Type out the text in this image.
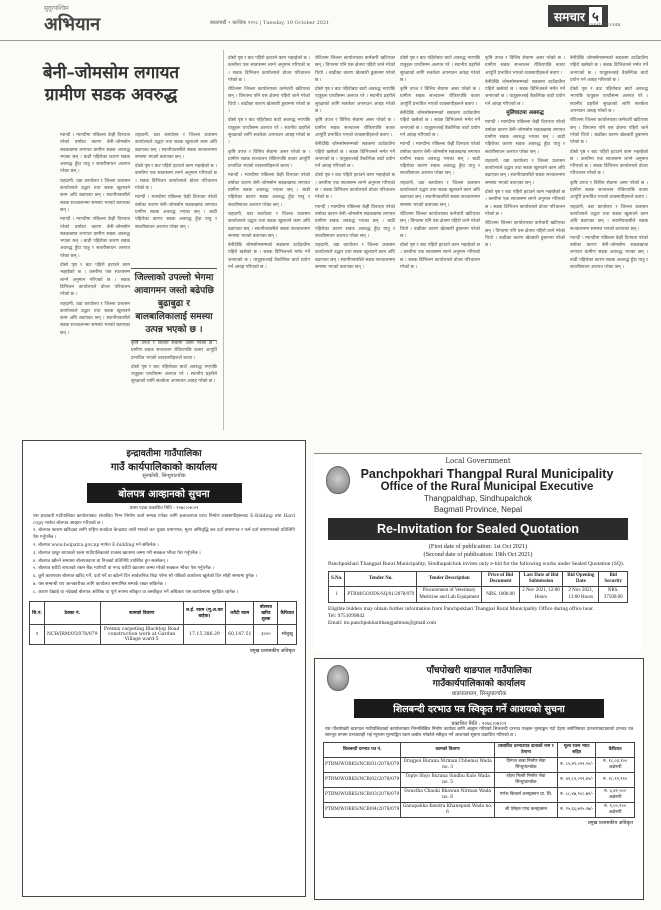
सुदूरपश्चिम
अभियान	काठमाडौं • कात्तिक १२०८ | Tuesday, 19 October 2021	समचार ५
www.abhiyandaily.com
बेनी–जोमसोम लगायत ग्रामीण सडक अवरुद्ध

म्याग्दी । म्याग्दीमा पछिल्ला केही दिनयता परेको वर्षाका कारण बेनी–जोमसोम सडकखण्ड लगायत ग्रामीण सडक अवरुद्ध भएका छन् । बाढी पहिरोका कारण सडक अवरुद्ध हुँदा यात्रु र सवारीसाधन अलपत्र परेका छन् ।

राहदानी, वडा कार्यालय र जिल्ला प्रशासन कार्यालयले उद्धार तथा सडक खुलाउने काम अघि बढाएका छन् । स्थानीयवासीले सडक सञ्चालनमा समस्या भएको बताएका छन् ।

म्याग्दी । म्याग्दीमा पछिल्ला केही दिनयता परेको वर्षाका कारण बेनी–जोमसोम सडकखण्ड लगायत ग्रामीण सडक अवरुद्ध भएका छन् । बाढी पहिरोका कारण सडक अवरुद्ध हुँदा यात्रु र सवारीसाधन अलपत्र परेका छन् ।

दोस्रो पृष्ठ र बाट पहिरो हटाउने काम भइरहेको छ । कम्तीमा एक सातासम्म लाग्ने अनुमान गरिएको छ । सडक डिभिजन कार्यालयले डोजर परिचालन गरेको छ ।

राहदानी, वडा कार्यालय र जिल्ला प्रशासन कार्यालयले उद्धार तथा सडक खुलाउने काम अघि बढाएका छन् । स्थानीयवासीले सडक सञ्चालनमा समस्या भएको बताएका छन् ।

राहदानी, वडा कार्यालय र जिल्ला प्रशासन कार्यालयले उद्धार तथा सडक खुलाउने काम अघि बढाएका छन् । स्थानीयवासीले सडक सञ्चालनमा समस्या भएको बताएका छन् ।

दोस्रो पृष्ठ र बाट पहिरो हटाउने काम भइरहेको छ । कम्तीमा एक सातासम्म लाग्ने अनुमान गरिएको छ । सडक डिभिजन कार्यालयले डोजर परिचालन गरेको छ ।

म्याग्दी । म्याग्दीमा पछिल्ला केही दिनयता परेको वर्षाका कारण बेनी–जोमसोम सडकखण्ड लगायत ग्रामीण सडक अवरुद्ध भएका छन् । बाढी पहिरोका कारण सडक अवरुद्ध हुँदा यात्रु र सवारीसाधन अलपत्र परेका छन् ।

जिल्लाको उपल्लो भेगमा आवागमन जस्तो बढेपछि बुढाबुढा र बालबालिकालाई समस्या उत्पन्न भएको छ ।

कृषि उपज र वित्तिय सेवामा असर परेको छ । ग्रामीण सडक सञ्चालन रोकिएपछि बजार आपूर्ति प्रभावित भएको व्यवसायीहरूले बताए ।

दोस्रो पृष्ठ र बाट पहिरोबाट बाटो अवरुद्ध भएपछि यात्रुहरू घण्टौंसम्म अलपत्र परे । स्थानीय प्रहरीले सुरक्षाको लागि सतर्कता अपनाउन आग्रह गरेको छ ।

दोस्रो पृष्ठ र बाट पहिरो हटाउने काम भइरहेको छ । कम्तीमा एक सातासम्म लाग्ने अनुमान गरिएको छ । सडक डिभिजन कार्यालयले डोजर परिचालन गरेको छ ।

रोटिलमा जिल्ला कार्यालयका कर्मचारी खटिएका छन् । विगतमा पनि यस क्षेत्रमा पहिरो जाने गरेको थियो । बाढीका कारण खेतबारी डुबानमा परेको छ ।

दोस्रो पृष्ठ र बाट पहिरोबाट बाटो अवरुद्ध भएपछि यात्रुहरू घण्टौंसम्म अलपत्र परे । स्थानीय प्रहरीले सुरक्षाको लागि सतर्कता अपनाउन आग्रह गरेको छ ।

कृषि उपज र वित्तिय सेवामा असर परेको छ । ग्रामीण सडक सञ्चालन रोकिएपछि बजार आपूर्ति प्रभावित भएको व्यवसायीहरूले बताए ।

म्याग्दी । म्याग्दीमा पछिल्ला केही दिनयता परेको वर्षाका कारण बेनी–जोमसोम सडकखण्ड लगायत ग्रामीण सडक अवरुद्ध भएका छन् । बाढी पहिरोका कारण सडक अवरुद्ध हुँदा यात्रु र सवारीसाधन अलपत्र परेका छन् ।

राहदानी, वडा कार्यालय र जिल्ला प्रशासन कार्यालयले उद्धार तथा सडक खुलाउने काम अघि बढाएका छन् । स्थानीयवासीले सडक सञ्चालनमा समस्या भएको बताएका छन् ।

बेनीदेखि जोमसोमसम्मको सडकमा ठाउँठाउँमा पहिरो खसेको छ । सडक डिभिजनले मर्मत गर्ने जनाएको छ । यात्रुहरूलाई वैकल्पिक बाटो प्रयोग गर्न आग्रह गरिएको छ ।

रोटिलमा जिल्ला कार्यालयका कर्मचारी खटिएका छन् । विगतमा पनि यस क्षेत्रमा पहिरो जाने गरेको थियो । बाढीका कारण खेतबारी डुबानमा परेको छ ।

दोस्रो पृष्ठ र बाट पहिरोबाट बाटो अवरुद्ध भएपछि यात्रुहरू घण्टौंसम्म अलपत्र परे । स्थानीय प्रहरीले सुरक्षाको लागि सतर्कता अपनाउन आग्रह गरेको छ ।

कृषि उपज र वित्तिय सेवामा असर परेको छ । ग्रामीण सडक सञ्चालन रोकिएपछि बजार आपूर्ति प्रभावित भएको व्यवसायीहरूले बताए ।

बेनीदेखि जोमसोमसम्मको सडकमा ठाउँठाउँमा पहिरो खसेको छ । सडक डिभिजनले मर्मत गर्ने जनाएको छ । यात्रुहरूलाई वैकल्पिक बाटो प्रयोग गर्न आग्रह गरिएको छ ।

दोस्रो पृष्ठ र बाट पहिरो हटाउने काम भइरहेको छ । कम्तीमा एक सातासम्म लाग्ने अनुमान गरिएको छ । सडक डिभिजन कार्यालयले डोजर परिचालन गरेको छ ।

म्याग्दी । म्याग्दीमा पछिल्ला केही दिनयता परेको वर्षाका कारण बेनी–जोमसोम सडकखण्ड लगायत ग्रामीण सडक अवरुद्ध भएका छन् । बाढी पहिरोका कारण सडक अवरुद्ध हुँदा यात्रु र सवारीसाधन अलपत्र परेका छन् ।

राहदानी, वडा कार्यालय र जिल्ला प्रशासन कार्यालयले उद्धार तथा सडक खुलाउने काम अघि बढाएका छन् । स्थानीयवासीले सडक सञ्चालनमा समस्या भएको बताएका छन् ।

दोस्रो पृष्ठ र बाट पहिरोबाट बाटो अवरुद्ध भएपछि यात्रुहरू घण्टौंसम्म अलपत्र परे । स्थानीय प्रहरीले सुरक्षाको लागि सतर्कता अपनाउन आग्रह गरेको छ ।

कृषि उपज र वित्तिय सेवामा असर परेको छ । ग्रामीण सडक सञ्चालन रोकिएपछि बजार आपूर्ति प्रभावित भएको व्यवसायीहरूले बताए ।

बेनीदेखि जोमसोमसम्मको सडकमा ठाउँठाउँमा पहिरो खसेको छ । सडक डिभिजनले मर्मत गर्ने जनाएको छ । यात्रुहरूलाई वैकल्पिक बाटो प्रयोग गर्न आग्रह गरिएको छ ।

म्याग्दी । म्याग्दीमा पछिल्ला केही दिनयता परेको वर्षाका कारण बेनी–जोमसोम सडकखण्ड लगायत ग्रामीण सडक अवरुद्ध भएका छन् । बाढी पहिरोका कारण सडक अवरुद्ध हुँदा यात्रु र सवारीसाधन अलपत्र परेका छन् ।

राहदानी, वडा कार्यालय र जिल्ला प्रशासन कार्यालयले उद्धार तथा सडक खुलाउने काम अघि बढाएका छन् । स्थानीयवासीले सडक सञ्चालनमा समस्या भएको बताएका छन् ।

रोटिलमा जिल्ला कार्यालयका कर्मचारी खटिएका छन् । विगतमा पनि यस क्षेत्रमा पहिरो जाने गरेको थियो । बाढीका कारण खेतबारी डुबानमा परेको छ ।

दोस्रो पृष्ठ र बाट पहिरो हटाउने काम भइरहेको छ । कम्तीमा एक सातासम्म लाग्ने अनुमान गरिएको छ । सडक डिभिजन कार्यालयले डोजर परिचालन गरेको छ ।

कृषि उपज र वित्तिय सेवामा असर परेको छ । ग्रामीण सडक सञ्चालन रोकिएपछि बजार आपूर्ति प्रभावित भएको व्यवसायीहरूले बताए ।

बेनीदेखि जोमसोमसम्मको सडकमा ठाउँठाउँमा पहिरो खसेको छ । सडक डिभिजनले मर्मत गर्ने जनाएको छ । यात्रुहरूलाई वैकल्पिक बाटो प्रयोग गर्न आग्रह गरिएको छ ।

मुलिघाटमा अबरुद्ध

म्याग्दी । म्याग्दीमा पछिल्ला केही दिनयता परेको वर्षाका कारण बेनी–जोमसोम सडकखण्ड लगायत ग्रामीण सडक अवरुद्ध भएका छन् । बाढी पहिरोका कारण सडक अवरुद्ध हुँदा यात्रु र सवारीसाधन अलपत्र परेका छन् ।

राहदानी, वडा कार्यालय र जिल्ला प्रशासन कार्यालयले उद्धार तथा सडक खुलाउने काम अघि बढाएका छन् । स्थानीयवासीले सडक सञ्चालनमा समस्या भएको बताएका छन् ।

दोस्रो पृष्ठ र बाट पहिरो हटाउने काम भइरहेको छ । कम्तीमा एक सातासम्म लाग्ने अनुमान गरिएको छ । सडक डिभिजन कार्यालयले डोजर परिचालन गरेको छ ।

रोटिलमा जिल्ला कार्यालयका कर्मचारी खटिएका छन् । विगतमा पनि यस क्षेत्रमा पहिरो जाने गरेको थियो । बाढीका कारण खेतबारी डुबानमा परेको छ ।

बेनीदेखि जोमसोमसम्मको सडकमा ठाउँठाउँमा पहिरो खसेको छ । सडक डिभिजनले मर्मत गर्ने जनाएको छ । यात्रुहरूलाई वैकल्पिक बाटो प्रयोग गर्न आग्रह गरिएको छ ।

दोस्रो पृष्ठ र बाट पहिरोबाट बाटो अवरुद्ध भएपछि यात्रुहरू घण्टौंसम्म अलपत्र परे । स्थानीय प्रहरीले सुरक्षाको लागि सतर्कता अपनाउन आग्रह गरेको छ ।

रोटिलमा जिल्ला कार्यालयका कर्मचारी खटिएका छन् । विगतमा पनि यस क्षेत्रमा पहिरो जाने गरेको थियो । बाढीका कारण खेतबारी डुबानमा परेको छ ।

दोस्रो पृष्ठ र बाट पहिरो हटाउने काम भइरहेको छ । कम्तीमा एक सातासम्म लाग्ने अनुमान गरिएको छ । सडक डिभिजन कार्यालयले डोजर परिचालन गरेको छ ।

कृषि उपज र वित्तिय सेवामा असर परेको छ । ग्रामीण सडक सञ्चालन रोकिएपछि बजार आपूर्ति प्रभावित भएको व्यवसायीहरूले बताए ।

राहदानी, वडा कार्यालय र जिल्ला प्रशासन कार्यालयले उद्धार तथा सडक खुलाउने काम अघि बढाएका छन् । स्थानीयवासीले सडक सञ्चालनमा समस्या भएको बताएका छन् ।

म्याग्दी । म्याग्दीमा पछिल्ला केही दिनयता परेको वर्षाका कारण बेनी–जोमसोम सडकखण्ड लगायत ग्रामीण सडक अवरुद्ध भएका छन् । बाढी पहिरोका कारण सडक अवरुद्ध हुँदा यात्रु र सवारीसाधन अलपत्र परेका छन् ।

इन्द्रावतीमा गाउँपालिका
गाउँ कार्यपालिकाको कार्यालय
सुनकोसी, सिन्धुपाल्चोक
बोलपत्र आव्हानको सुचना

प्रथम पटक प्रकाशित मिति : २०७८।०७।०२

यस इन्द्रावती गाउँपालिका कार्यालयबाट संचालित निम्न निर्माण कार्य सम्पन्न गर्नका लागि इजाजतपत्र प्राप्त निर्माण व्यवसायीहरूबाट E-Bidding तथा Hard copy मार्फत बोलपत्र आव्हान गरिएको छ ।

१. बोलपत्र फाराम खरिदका लागि राष्ट्रिय सतर्कता केन्द्रबाट जारी भएको कर चुक्ता प्रमाणपत्र, मूल्य अभिवृद्धि कर दर्ता प्रमाणपत्र र फर्म दर्ता प्रमाणपत्रको प्रतिलिपि पेश गर्नुपर्नेछ ।

२. बोलपत्र www.bolpatra.gov.np मार्फत E-bidding गर्न सकिनेछ ।

३. बोलपत्र दस्तुर बापतको रकम गाउँपालिकाको राजस्व खातामा जम्मा गरी सक्कल भौचर पेश गर्नुपर्नेछ ।

४. बोलपत्र खोल्ने समयमा बोलपत्रदाता वा निजको प्रतिनिधि उपस्थित हुन सक्नेछन् ।

५. बोलपत्र धरौटी बापतको रकम बैंक ग्यारेण्टी वा नगद धरौटी खातामा जम्मा गरेको सक्कल भौचर पेश गर्नुपर्नेछ ।

६. कुनै कारणवश बोलपत्र खरिद गर्ने, दर्ता गर्ने वा खोल्ने दिन सार्वजनिक बिदा परेमा सो पछिको कार्यालय खुलेको दिन सोही समयमा हुनेछ ।

७. यस सम्बन्धी थप जानकारीका लागि कार्यालय समयभित्र सम्पर्क राख्न सकिनेछ ।

८. कारण देखाई वा नदेखाई बोलपत्र आंशिक वा पूर्ण रूपमा स्वीकृत वा अस्वीकृत गर्ने अधिकार यस कार्यालयमा सुरक्षित रहनेछ ।

सि.नं.	ठेक्का नं.	कामको विवरण	ल.ई. रकम (मू.अ.कर बाहेक)	धरौटी रकम	बोलपत्र खरिद शुल्क	कैफियत
१	NCB/IRM/05/078/079	Premix carpeting Blacktop Road construction work at Gardan Village ward-5	17,15,386.29	60,147.51	३०००	सोलुखु
प्रमुख प्रशासकीय अधिकृत
Local Government
Panchpokhari Thangpal Rural Municipality
Office of the Rural Municipal Executive
Thangpaldhap, Sindhupalchok
Bagmati Province, Nepal
Re-Invitation for Sealed Quotation
(First date of publication: 1st Oct 2021)
(Second date of publication: 19th Oct 2021)
Panchpokhari Thangpal Rural Municipality, Sindhupalchok invites only e-bid for the following works under Sealed Quotation (SQ).
S.No.	Tender No.	Tender Description	Price of Bid Document	Last Date of Bid Submission	Bid Opening Date	Bid Security
1	PTRM/GOODS/SQ/01/2078/079	Procurement of Veterinary Medicine and Lab Equipment	NRS. 1000.00	2 Nov 2021, 12:00 Hours	2 Nov 2021, 13:00 Hours	NRS. 37500.00
Eligible bidders may obtain further information from Panchpokhari Thangpal Rural Municipality Office during office hour.
Tel: 9751099842
Email: ito.panchpokharithangpalmun@gmail.com
पाँचपोखरी थाङपाल गाउँपालिका
गाउँकार्यपालिकाको कार्यालय
थाङपालधाप, सिन्धुपाल्चोक
शिलबन्दी दरभाउ पत्र स्विकृत गर्ने आशयको सुचना
प्रकाशित मिति : २०७८।०७।०२
यस पाँचपोखरी थाङपाल गाउँपालिकाको कार्यालयबाट निम्नलिखित निर्माण कार्यका लागि आह्वान गरिएको शिलबन्दी दरभाउ पत्रहरू मूल्याङ्कन गर्दा देहाय बमोजिमका दरभाउपत्रदाताको दरभाउ पत्र सारभूत रूपमा प्रभावग्राही भई न्यूनतम मूल्याङ्कित रकम कबोल गरेकोले स्वीकृत गर्ने आशयको सूचना प्रकाशित गरिएको छ ।
शिलबन्दी दरभाउ पत्र नं.	कामको विवरण	प्रस्तावित दरभाउपत्र दाताको नाम र ठेगाना	मूल्य रकम भ्याट सहित	कैफियत
PTRM/WORKS/NCB/01/2078/079	Dragpoi Burana Nirman Chhemsi Wada no. 3	दिग्गज बाबा निर्माण सेवा सिन्धुपाल्चोक	रु. ८५,४९,०२२.१०/-	रु. १८,०३,९०० अक्षेरुपी
PTRM/WORKS/NCB/02/2078/079	Topte Shyo Burana Sindhu Kulo Wada no. 5	रहेला मिल्ती निर्माण सेवा सिन्धुपाल्चोक	रु. ४९,८२,०९९.४५/-	रु. १८,९१,९१०
PTRM/WORKS/NCB/03/2078/079	Swastha Chauki Bhawan Nirman Wada no. 6	गणेश बिल्डर्स कन्स्ट्रक्सन प्रा. लि.	रु. ८८,४७,९०८.७१/-	रु. ६,४२,५०० अक्षेरुपी
PTRM/WORKS/NCB/04/2078/079	Ganapalika Kendra Khanepani Wada no. 6	श्री ऐसेहरु एण्ड कन्स्ट्रक्सन	रु. १५,६६,७९५.२७/-	रु. ९,००,९०० अक्षेरुपी
प्रमुख प्रशासकीय अधिकृत
